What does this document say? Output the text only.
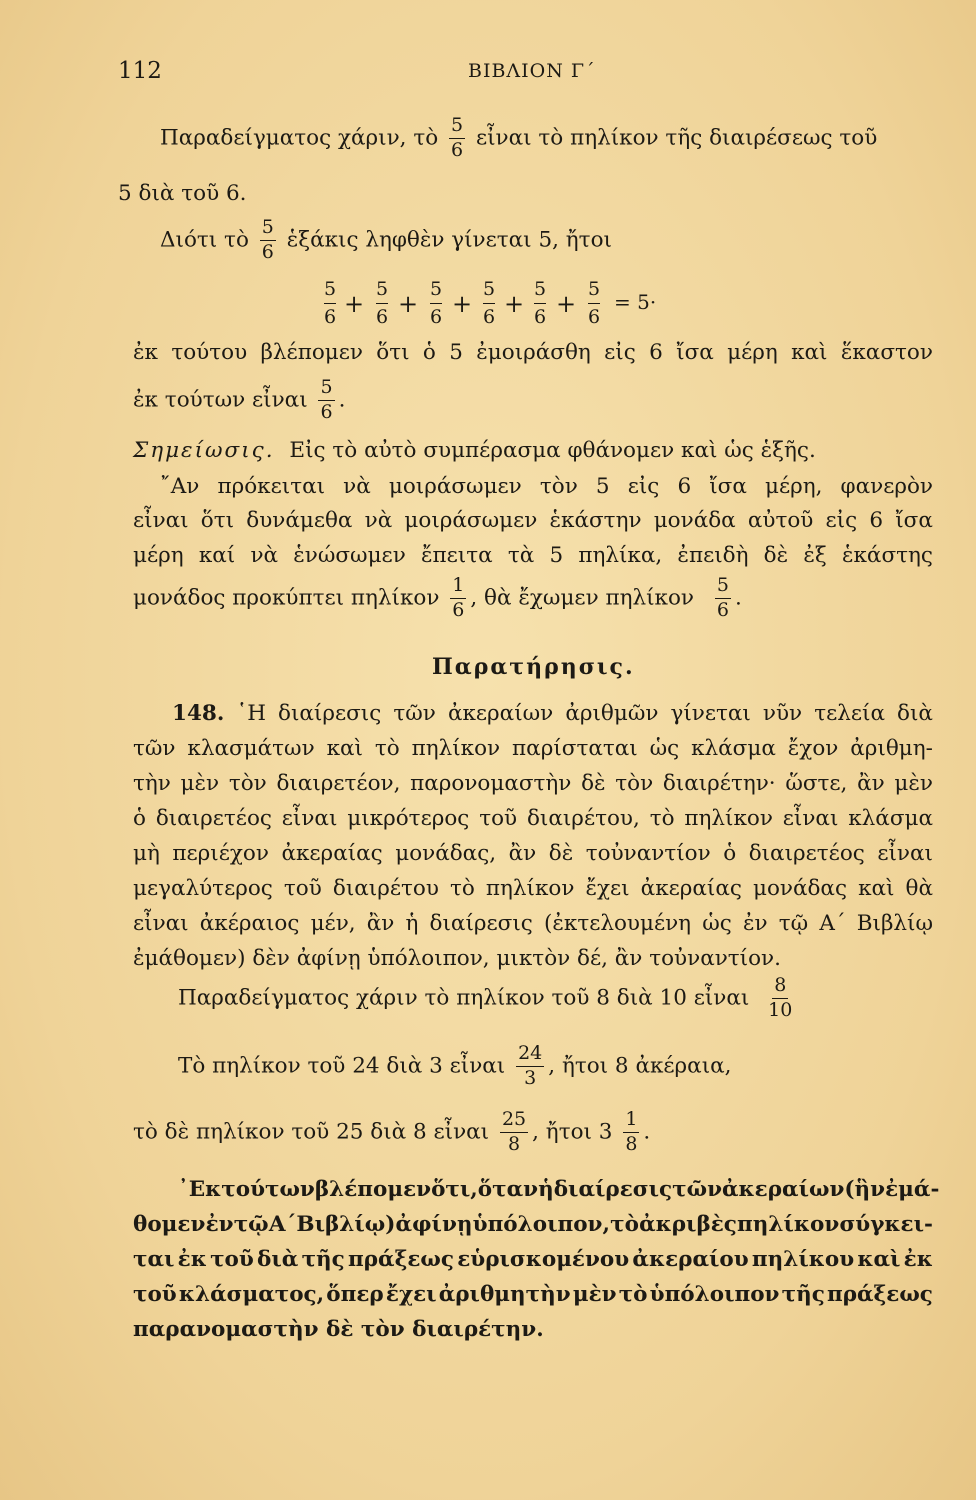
112	ΒΙΒΛΙΟΝ Γ΄
Παραδείγματος χάριν, τὸ $\frac{5}{6}$ εἶναι τὸ πηλίκον τῆς διαιρέσεως τοῦ
5 διὰ τοῦ 6.
Διότι τὸ $\frac{5}{6}$ ἑξάκις ληφθὲν γίνεται 5, ἤτοι
5
6 +
5
6 +
5
6 +
5
6 +
5
6 +
5
6
= 5·
ἐκ τούτου βλέπομεν ὅτι ὁ 5 ἐμοιράσθη εἰς 6 ἴσα μέρη καὶ ἕκαστον
ἐκ τούτων εἶναι $\frac{5}{6}$ .
Σημείωσις. Εἰς τὸ αὐτὸ συμπέρασμα φθάνομεν καὶ ὡς ἑξῆς.
῎Αν πρόκειται νὰ μοιράσωμεν τὸν 5 εἰς 6 ἴσα μέρη, φανερὸν
εἶναι ὅτι δυνάμεθα νὰ μοιράσωμεν ἑκάστην μονάδα αὐτοῦ εἰς 6 ἴσα
μέρη καί νὰ ἑνώσωμεν ἔπειτα τὰ 5 πηλίκα, ἐπειδὴ δὲ ἐξ ἑκάστης
μονάδος προκύπτει πηλίκον $\frac{1}{6}$ , θὰ ἔχωμεν πηλίκον $\frac{5}{6}$ .
Παρατήρησις.
148. ῾Η διαίρεσις τῶν ἀκεραίων ἀριθμῶν γίνεται νῦν τελεία διὰ
τῶν κλασμάτων καὶ τὸ πηλίκον παρίσταται ὡς κλάσμα ἔχον ἀριθμη-
τὴν μὲν τὸν διαιρετέον, παρονομαστὴν δὲ τὸν διαιρέτην· ὥστε, ἂν μὲν
ὁ διαιρετέος εἶναι μικρότερος τοῦ διαιρέτου, τὸ πηλίκον εἶναι κλάσμα
μὴ περιέχον ἀκεραίας μονάδας, ἂν δὲ τοὐναντίον ὁ διαιρετέος εἶναι
μεγαλύτερος τοῦ διαιρέτου τὸ πηλίκον ἔχει ἀκεραίας μονάδας καὶ θὰ
εἶναι ἀκέραιος μέν, ἂν ἡ διαίρεσις (ἐκτελουμένη ὡς ἐν τῷ Α΄ Βιβλίῳ
ἐμάθομεν) δὲν ἀφίνῃ ὑπόλοιπον, μικτὸν δέ, ἂν τοὐναντίον.
Παραδείγματος χάριν τὸ πηλίκον τοῦ 8 διὰ 10 εἶναι $\frac{8}{10}$
Τὸ πηλίκον τοῦ 24 διὰ 3 εἶναι $\frac{24}{3}$ , ἤτοι 8 ἀκέραια,
τὸ δὲ πηλίκον τοῦ 25 διὰ 8 εἶναι $\frac{25}{8}$ , ἤτοι $3 \frac{1}{8}$ .
᾿Εκ τούτων βλέπομεν ὅτι, ὅταν ἡ διαίρεσις τῶν ἀκεραίων (ἣν ἐμά-
θομεν ἐν τῷ Α΄ Βιβλίῳ) ἀφίνῃ ὑπόλοιπον, τὸ ἀκριβὲς πηλίκον σύγκει-
ται ἐκ τοῦ διὰ τῆς πράξεως εὑρισκομένου ἀκεραίου πηλίκου καὶ ἐκ
τοῦ κλάσματος, ὅπερ ἔχει ἀριθμητὴν μὲν τὸ ὑπόλοιπον τῆς πράξεως
παρανομαστὴν δὲ τὸν διαιρέτην.
